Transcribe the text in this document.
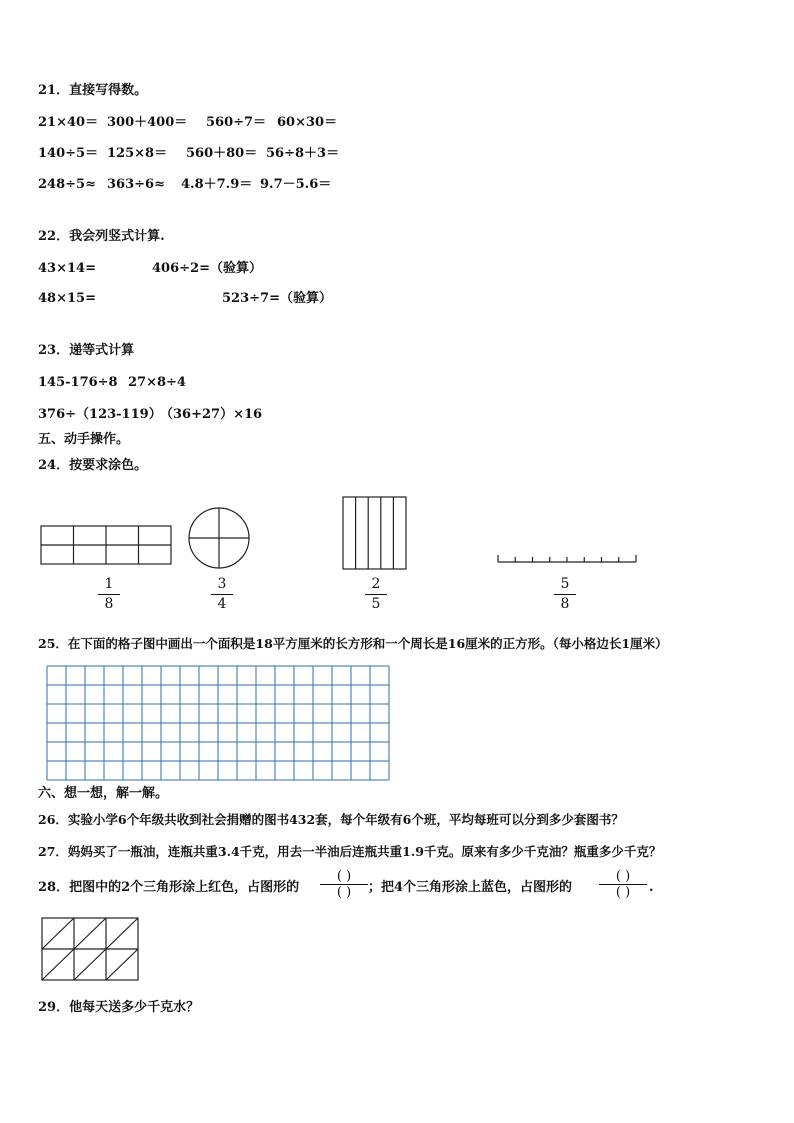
21．直接写得数。
21×40＝ 300＋400＝ 560÷7＝ 60×30＝
140÷5＝ 125×8＝ 560＋80＝ 56÷8＋3＝
248÷5≈ 363÷6≈ 4.8＋7.9＝ 9.7－5.6＝
22．我会列竖式计算.
43×14=	406÷2=（验算）
48×15=	523÷7=（验算）
23．递等式计算
145-176÷8 27×8÷4
376÷（123-119）
（36+27）×16
五、动手操作。
24．按要求涂色。
1
8
3
4
2
5
5
8
25．在下面的格子图中画出一个面积是18平方厘米的长方形和一个周长是16厘米的正方形。（每小格边长1厘米）
六、想一想，解一解。
26．实验小学6个年级共收到社会捐赠的图书432套，每个年级有6个班，平均每班可以分到多少套图书？
27．妈妈买了一瓶油，连瓶共重3.4千克，用去一半油后连瓶共重1.9千克。原来有多少千克油？瓶重多少千克？
28．把图中的2个三角形涂上红色，占图形的
( )
( )	；把4个三角形涂上蓝色，占图形的
( )
( )	.
29．他每天送多少千克水？
